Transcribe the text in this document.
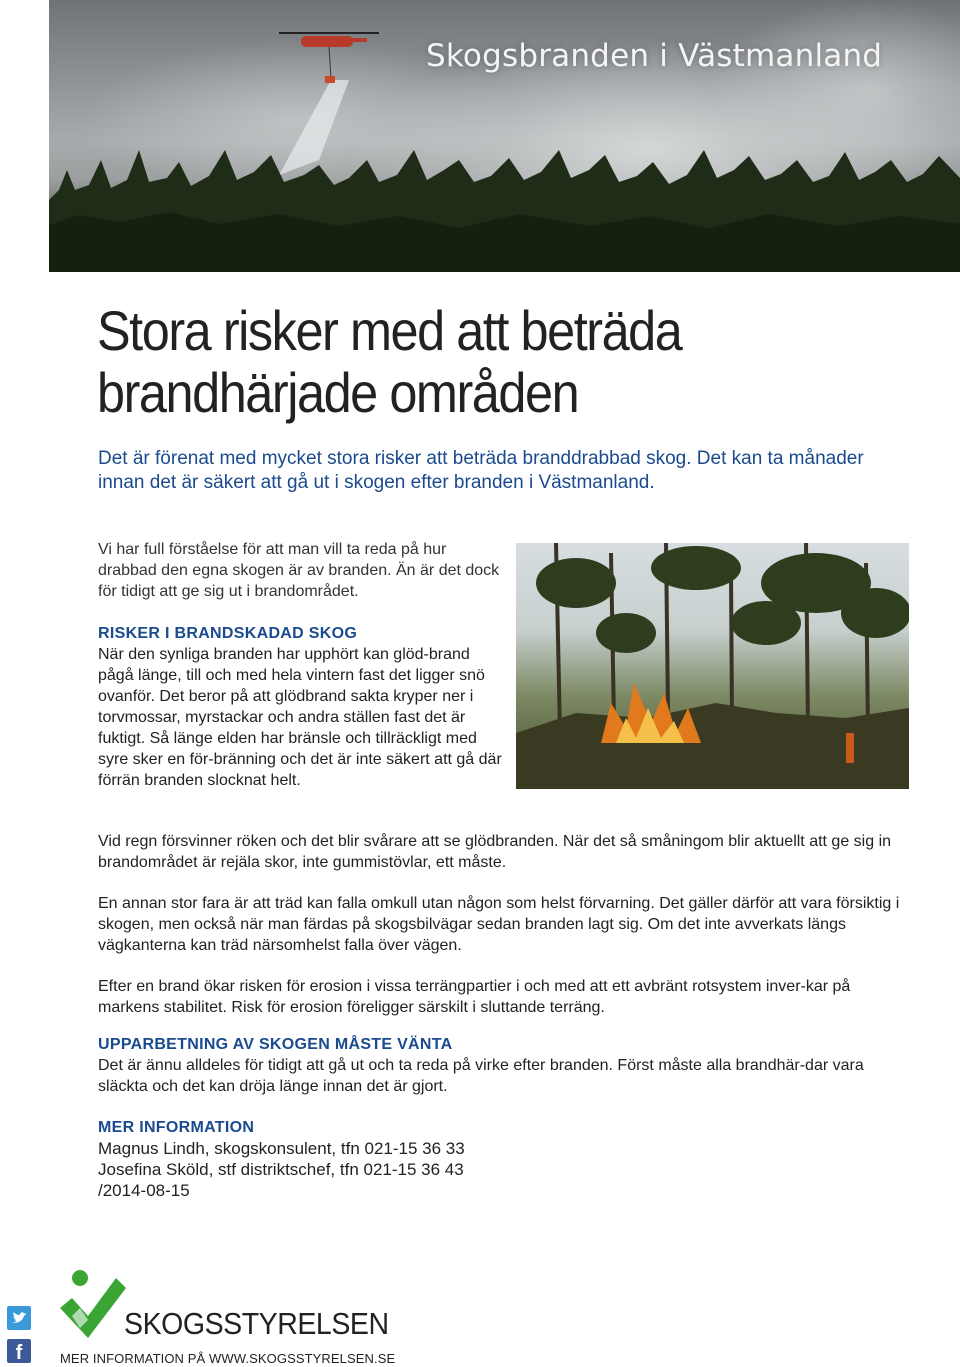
Skogsbranden i Västmanland
Stora risker med att beträda
brandhärjade områden
Det är förenat med mycket stora risker att beträda branddrabbad skog. Det kan ta månader innan det är säkert att gå ut i skogen efter branden i Västmanland.
Vi har full förståelse för att man vill ta reda på hur drabbad den egna skogen är av branden. Än är det dock för tidigt att ge sig ut i brandområdet.
RISKER I BRANDSKADAD SKOG
När den synliga branden har upphört kan glöd-brand pågå länge, till och med hela vintern fast det ligger snö ovanför. Det beror på att glödbrand sakta kryper ner i torvmossar, myrstackar och andra ställen fast det är fuktigt. Så länge elden har bränsle och tillräckligt med syre sker en för-bränning och det är inte säkert att gå där förrän branden slocknat helt.
Vid regn försvinner röken och det blir svårare att se glödbranden. När det så småningom blir aktuellt att ge sig in brandområdet är rejäla skor, inte gummistövlar, ett måste.
En annan stor fara är att träd kan falla omkull utan någon som helst förvarning. Det gäller därför att vara försiktig i skogen, men också när man färdas på skogsbilvägar sedan branden lagt sig. Om det inte avverkats längs vägkanterna kan träd närsomhelst falla över vägen.
Efter en brand ökar risken för erosion i vissa terrängpartier i och med att ett avbränt rotsystem inver-kar på markens stabilitet. Risk för erosion föreligger särskilt i sluttande terräng.
UPPARBETNING AV SKOGEN MÅSTE VÄNTA
Det är ännu alldeles för tidigt att gå ut och ta reda på virke efter branden. Först måste alla brandhär-dar vara släckta och det kan dröja länge innan det är gjort.
MER INFORMATION
Magnus Lindh, skogskonsulent, tfn 021-15 36 33
Josefina Sköld, stf distriktschef, tfn 021-15 36 43
/2014-08-15
f
SKOGSSTYRELSEN
MER INFORMATION PÅ WWW.SKOGSSTYRELSEN.SE
